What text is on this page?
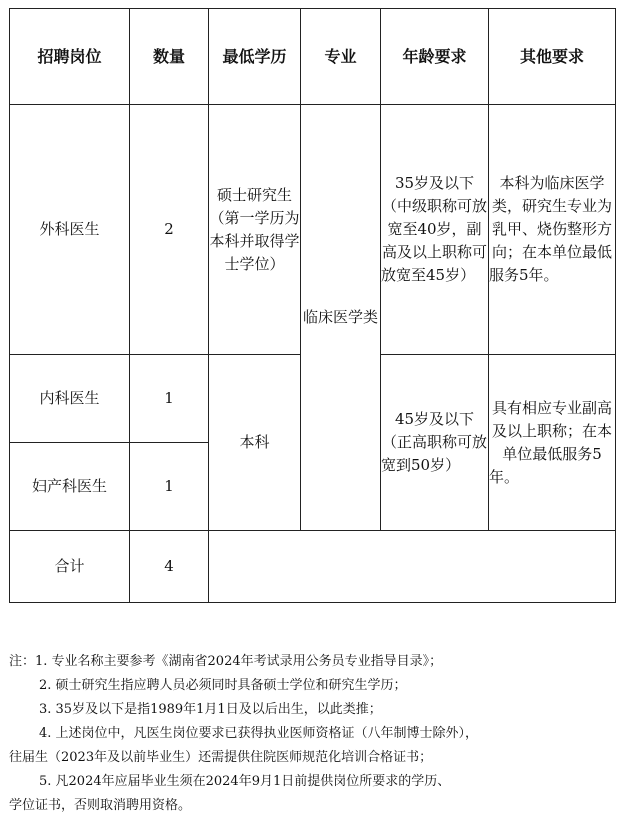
招聘岗位	数量	最低学历	专业	年龄要求	其他要求
外科医生	2	硕士研究生（第一学历为本科并取得学士学位）	临床医学类	35岁及以下（中级职称可放宽至40岁，副高及以上职称可放宽至45岁）	本科为临床医学类，研究生专业为乳甲、烧伤整形方向；在本单位最低服务5年。
内科医生	1	本科		45岁及以下（正高职称可放宽到50岁）	具有相应专业副高及以上职称；在本单位最低服务5年。
妇产科医生	1				
合计	4				
注：1. 专业名称主要参考《湖南省2024年考试录用公务员专业指导目录》；
2. 硕士研究生指应聘人员必须同时具备硕士学位和研究生学历；
3. 35岁及以下是指1989年1月1日及以后出生，以此类推；
4. 上述岗位中，凡医生岗位要求已获得执业医师资格证（八年制博士除外），
往届生（2023年及以前毕业生）还需提供住院医师规范化培训合格证书；
5. 凡2024年应届毕业生须在2024年9月1日前提供岗位所要求的学历、
学位证书，否则取消聘用资格。
